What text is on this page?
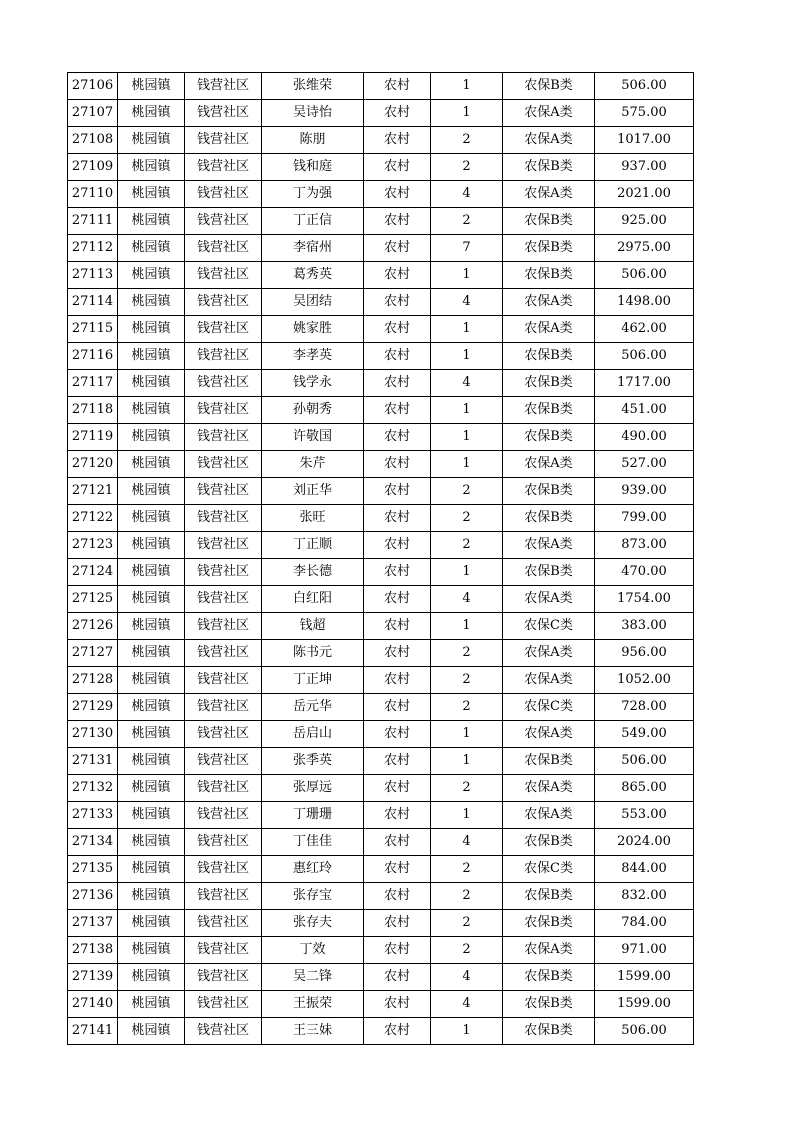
27106	桃园镇	钱营社区	张维荣	农村	1	农保B类	506.00
27107	桃园镇	钱营社区	吴诗怡	农村	1	农保A类	575.00
27108	桃园镇	钱营社区	陈朋	农村	2	农保A类	1017.00
27109	桃园镇	钱营社区	钱和庭	农村	2	农保B类	937.00
27110	桃园镇	钱营社区	丁为强	农村	4	农保A类	2021.00
27111	桃园镇	钱营社区	丁正信	农村	2	农保B类	925.00
27112	桃园镇	钱营社区	李宿州	农村	7	农保B类	2975.00
27113	桃园镇	钱营社区	葛秀英	农村	1	农保B类	506.00
27114	桃园镇	钱营社区	吴团结	农村	4	农保A类	1498.00
27115	桃园镇	钱营社区	姚家胜	农村	1	农保A类	462.00
27116	桃园镇	钱营社区	李孝英	农村	1	农保B类	506.00
27117	桃园镇	钱营社区	钱学永	农村	4	农保B类	1717.00
27118	桃园镇	钱营社区	孙朝秀	农村	1	农保B类	451.00
27119	桃园镇	钱营社区	许敬国	农村	1	农保B类	490.00
27120	桃园镇	钱营社区	朱芹	农村	1	农保A类	527.00
27121	桃园镇	钱营社区	刘正华	农村	2	农保B类	939.00
27122	桃园镇	钱营社区	张旺	农村	2	农保B类	799.00
27123	桃园镇	钱营社区	丁正顺	农村	2	农保A类	873.00
27124	桃园镇	钱营社区	李长德	农村	1	农保B类	470.00
27125	桃园镇	钱营社区	白红阳	农村	4	农保A类	1754.00
27126	桃园镇	钱营社区	钱超	农村	1	农保C类	383.00
27127	桃园镇	钱营社区	陈书元	农村	2	农保A类	956.00
27128	桃园镇	钱营社区	丁正坤	农村	2	农保A类	1052.00
27129	桃园镇	钱营社区	岳元华	农村	2	农保C类	728.00
27130	桃园镇	钱营社区	岳启山	农村	1	农保A类	549.00
27131	桃园镇	钱营社区	张季英	农村	1	农保B类	506.00
27132	桃园镇	钱营社区	张厚远	农村	2	农保A类	865.00
27133	桃园镇	钱营社区	丁珊珊	农村	1	农保A类	553.00
27134	桃园镇	钱营社区	丁佳佳	农村	4	农保B类	2024.00
27135	桃园镇	钱营社区	惠红玲	农村	2	农保C类	844.00
27136	桃园镇	钱营社区	张存宝	农村	2	农保B类	832.00
27137	桃园镇	钱营社区	张存夫	农村	2	农保B类	784.00
27138	桃园镇	钱营社区	丁效	农村	2	农保A类	971.00
27139	桃园镇	钱营社区	吴二锋	农村	4	农保B类	1599.00
27140	桃园镇	钱营社区	王振荣	农村	4	农保B类	1599.00
27141	桃园镇	钱营社区	王三妹	农村	1	农保B类	506.00
